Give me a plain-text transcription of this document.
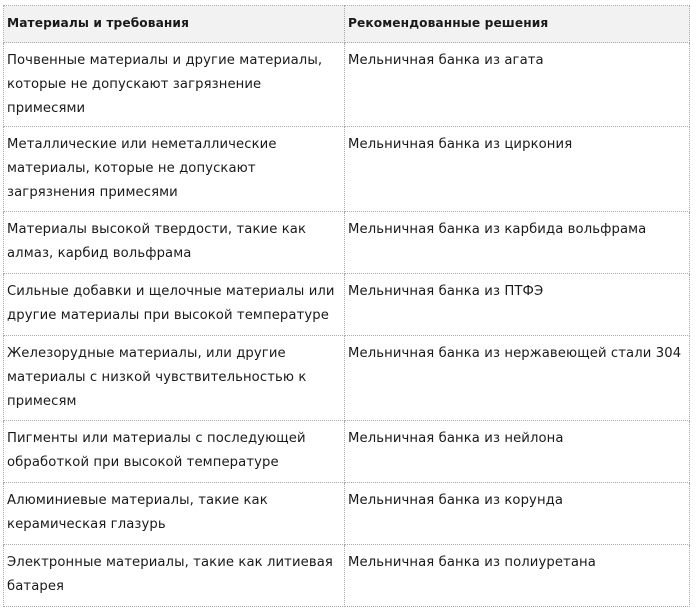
Материалы и требования	Рекомендованные решения
Почвенные материалы и другие материалы, которые не допускают загрязнение примесями	Мельничная банка из агата
Металлические или неметаллические материалы, которые не допускают загрязнения примесями	Мельничная банка из циркония
Материалы высокой твердости, такие как алмаз, карбид вольфрама	Мельничная банка из карбида вольфрама
Сильные добавки и щелочные материалы или другие материалы при высокой температуре	Мельничная банка из ПТФЭ
Железорудные материалы, или другие материалы с низкой чувствительностью к примесям	Мельничная банка из нержавеющей стали 304
Пигменты или материалы с последующей обработкой при высокой температуре	Мельничная банка из нейлона
Алюминиевые материалы, такие как керамическая глазурь	Мельничная банка из корунда
Электронные материалы, такие как литиевая батарея	Мельничная банка из полиуретана
